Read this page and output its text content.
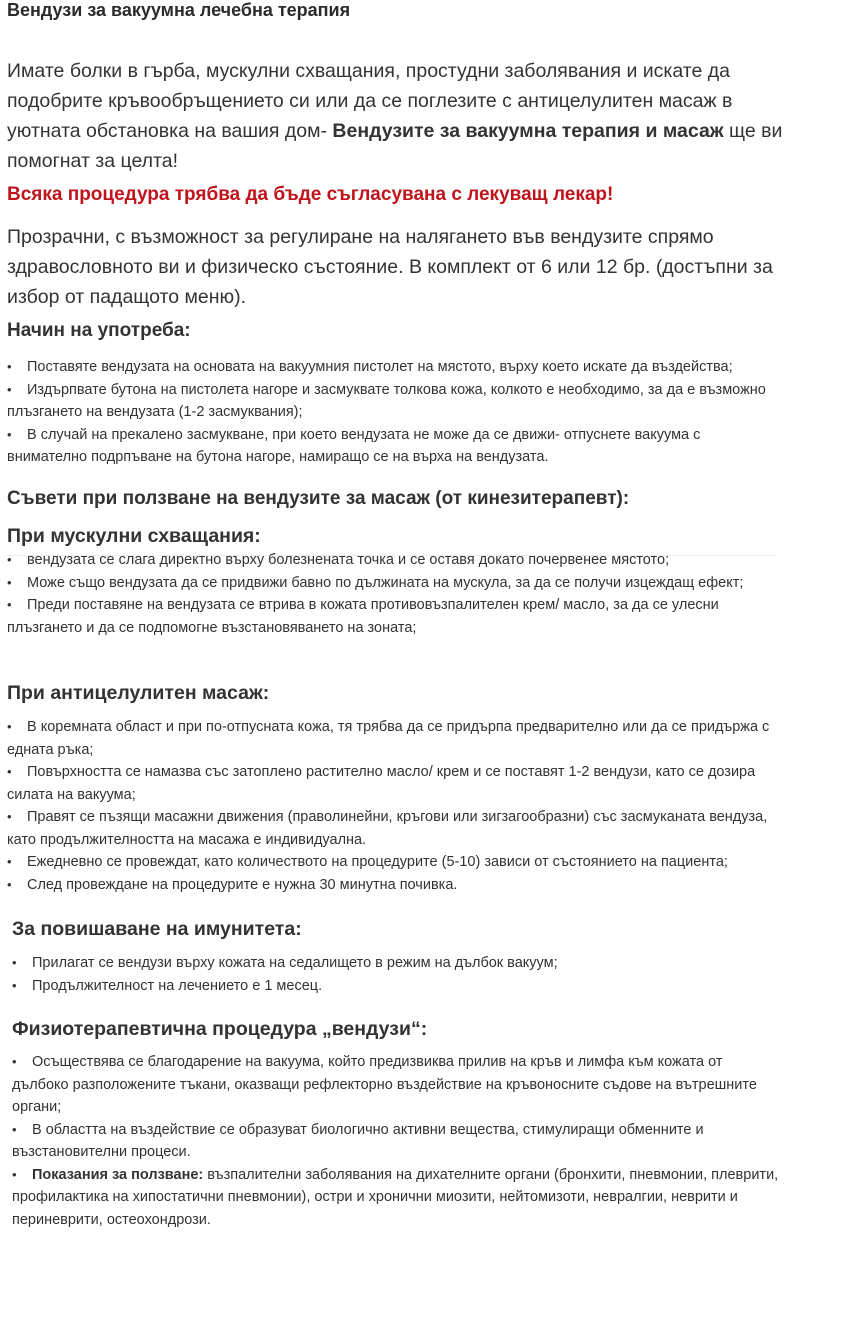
Вендузи за вакуумна лечебна терапия

Имате болки в гърба, мускулни схващания, простудни заболявания и искате да подобрите кръвообръщението си или да се поглезите с антицелулитен масаж в уютната обстановка на вашия дом- Вендузите за вакуумна терапия и масаж ще ви помогнат за целта!

Всяка процедура трябва да бъде съгласувана с лекуващ лекар!

Прозрачни, с възможност за регулиране на налягането във вендузите спрямо здравословното ви и физическо състояние. В комплект от 6 или 12 бр. (достъпни за избор от падащото меню).

Начин на употреба:
• Поставяте вендузата на основата на вакуумния пистолет на мястото, върху което искате да въздейства;
• Издърпвате бутона на пистолета нагоре и засмуквате толкова кожа, колкото е необходимо, за да е възможно плъзгането на вендузата (1-2 засмуквания);
• В случай на прекалено засмукване, при което вендузата не може да се движи- отпуснете вакуума с внимателно подрпъване на бутона нагоре, намиращо се на върха на вендузата.
Съвети при ползване на вендузите за масаж (от кинезитерапевт):
При мускулни схващания:
• вендузата се слага директно върху болезнената точка и се оставя докато почервенее мястото;
• Може също вендузата да се придвижи бавно по дължината на мускула, за да се получи изцеждащ ефект;
• Преди поставяне на вендузата се втрива в кожата противовъзпалителен крем/ масло, за да се улесни плъзгането и да се подпомогне възстановяването на зоната;
При антицелулитен масаж:
• В коремната област и при по-отпусната кожа, тя трябва да се придърпа предварително или да се придържа с едната ръка;
• Повърхността се намазва със затоплено растително масло/ крем и се поставят 1-2 вендузи, като се дозира силата на вакуума;
• Правят се пъзящи масажни движения (праволинейни, кръгови или зигзагообразни) със засмуканата вендуза, като продължителността на масажа е индивидуална.
• Ежедневно се провеждат, като количеството на процедурите (5-10) зависи от състоянието на пациента;
• След провеждане на процедурите е нужна 30 минутна почивка.
За повишаване на имунитета:
• Прилагат се вендузи върху кожата на седалището в режим на дълбок вакуум;
• Продължителност на лечението е 1 месец.
Физиотерапевтична процедура „вендузи“:
• Осъществява се благодарение на вакуума, който предизвиква прилив на кръв и лимфа към кожата от дълбоко разположените тъкани, оказващи рефлекторно въздействие на кръвоносните съдове на вътрешните органи;
• В областта на въздействие се образуват биологично активни вещества, стимулиращи обменните и възстановителни процеси.
• Показания за ползване: възпалителни заболявания на дихателните органи (бронхити, пневмонии, плеврити, профилактика на хипостатични пневмонии), остри и хронични миозити, нейтомизоти, невралгии, неврити и периневрити, остеохондрози.
